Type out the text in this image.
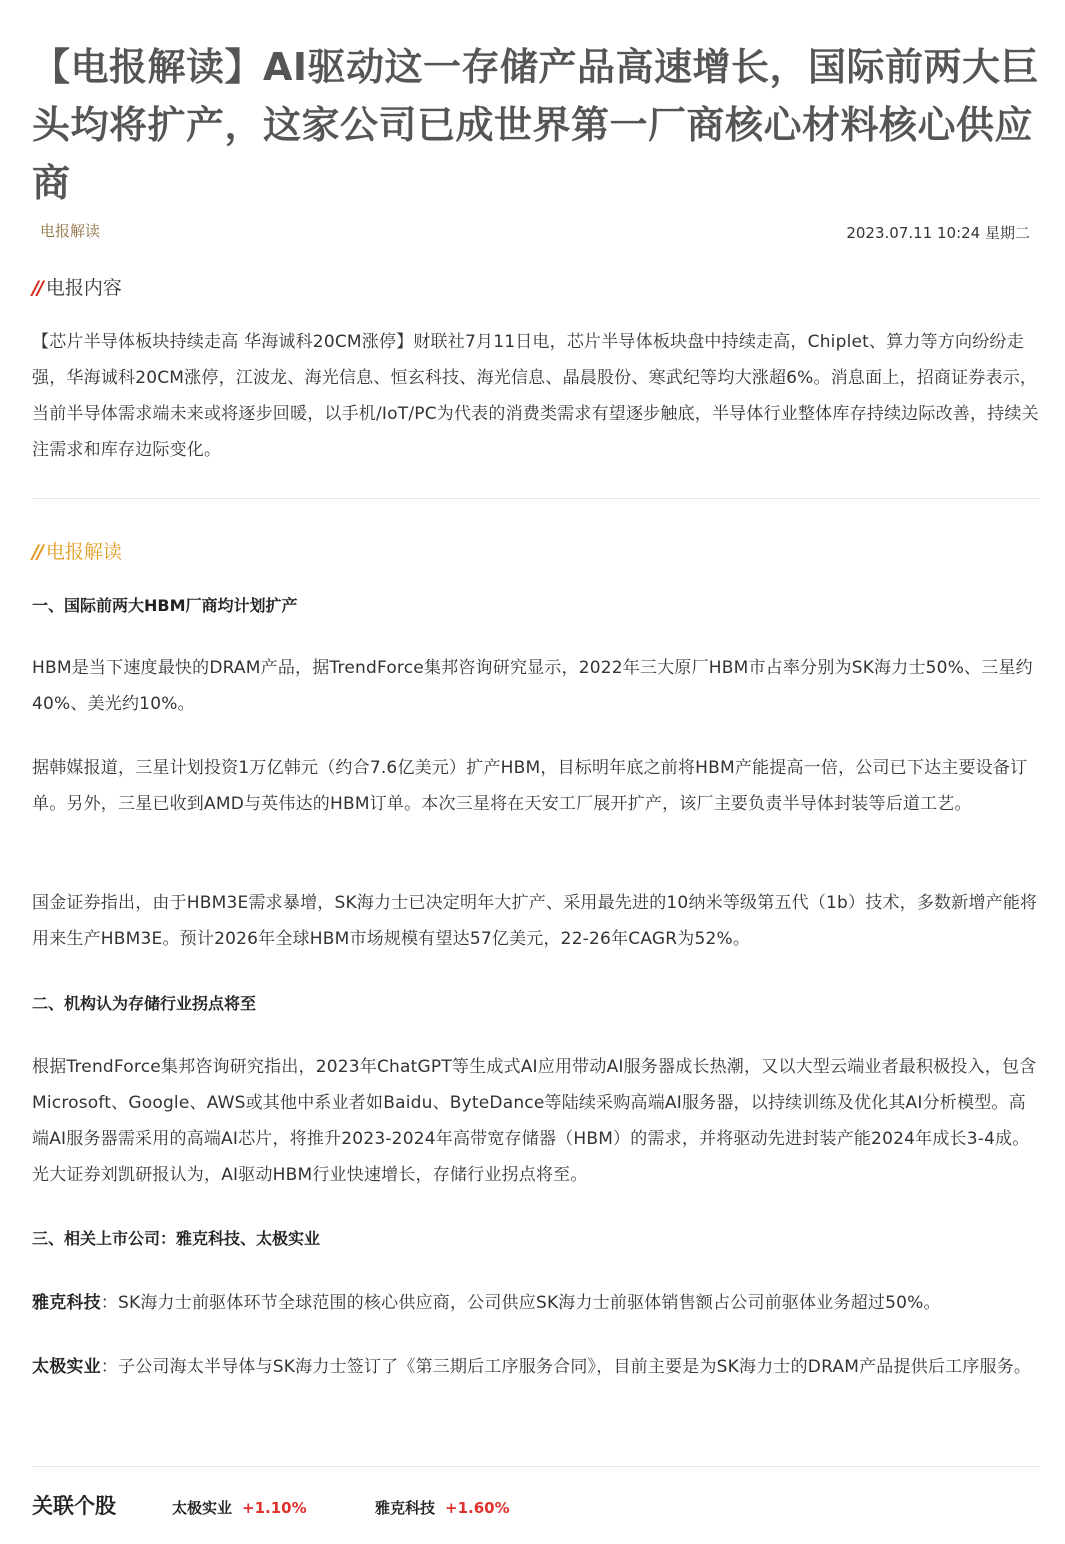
【电报解读】AI驱动这一存储产品高速增长，国际前两大巨头均将扩产，这家公司已成世界第一厂商核心材料核心供应商
电报解读	2023.07.11 10:24 星期二
// 电报内容

【芯片半导体板块持续走高 华海诚科20CM涨停】财联社7月11日电，芯片半导体板块盘中持续走高，Chiplet、算力等方向纷纷走强，华海诚科20CM涨停，江波龙、海光信息、恒玄科技、海光信息、晶晨股份、寒武纪等均大涨超6%。消息面上，招商证券表示，当前半导体需求端未来或将逐步回暖，以手机/IoT/PC为代表的消费类需求有望逐步触底，半导体行业整体库存持续边际改善，持续关注需求和库存边际变化。

// 电报解读
一、国际前两大HBM厂商均计划扩产

HBM是当下速度最快的DRAM产品，据TrendForce集邦咨询研究显示，2022年三大原厂HBM市占率分别为SK海力士50%、三星约40%、美光约10%。

据韩媒报道，三星计划投资1万亿韩元（约合7.6亿美元）扩产HBM，目标明年底之前将HBM产能提高一倍，公司已下达主要设备订单。另外，三星已收到AMD与英伟达的HBM订单。本次三星将在天安工厂展开扩产，该厂主要负责半导体封装等后道工艺。

国金证券指出，由于HBM3E需求暴增，SK海力士已决定明年大扩产、采用最先进的10纳米等级第五代（1b）技术，多数新增产能将用来生产HBM3E。预计2026年全球HBM市场规模有望达57亿美元，22-26年CAGR为52%。

二、机构认为存储行业拐点将至

根据TrendForce集邦咨询研究指出，2023年ChatGPT等生成式AI应用带动AI服务器成长热潮，又以大型云端业者最积极投入，包含Microsoft、Google、AWS或其他中系业者如Baidu、ByteDance等陆续采购高端AI服务器，以持续训练及优化其AI分析模型。高端AI服务器需采用的高端AI芯片，将推升2023-2024年高带宽存储器（HBM）的需求，并将驱动先进封装产能2024年成长3-4成。光大证券刘凯研报认为，AI驱动HBM行业快速增长，存储行业拐点将至。

三、相关上市公司：雅克科技、太极实业

雅克科技：SK海力士前驱体环节全球范围的核心供应商，公司供应SK海力士前驱体销售额占公司前驱体业务超过50%。

太极实业：子公司海太半导体与SK海力士签订了《第三期后工序服务合同》，目前主要是为SK海力士的DRAM产品提供后工序服务。

关联个股	太极实业 +1.10%	雅克科技 +1.60%
